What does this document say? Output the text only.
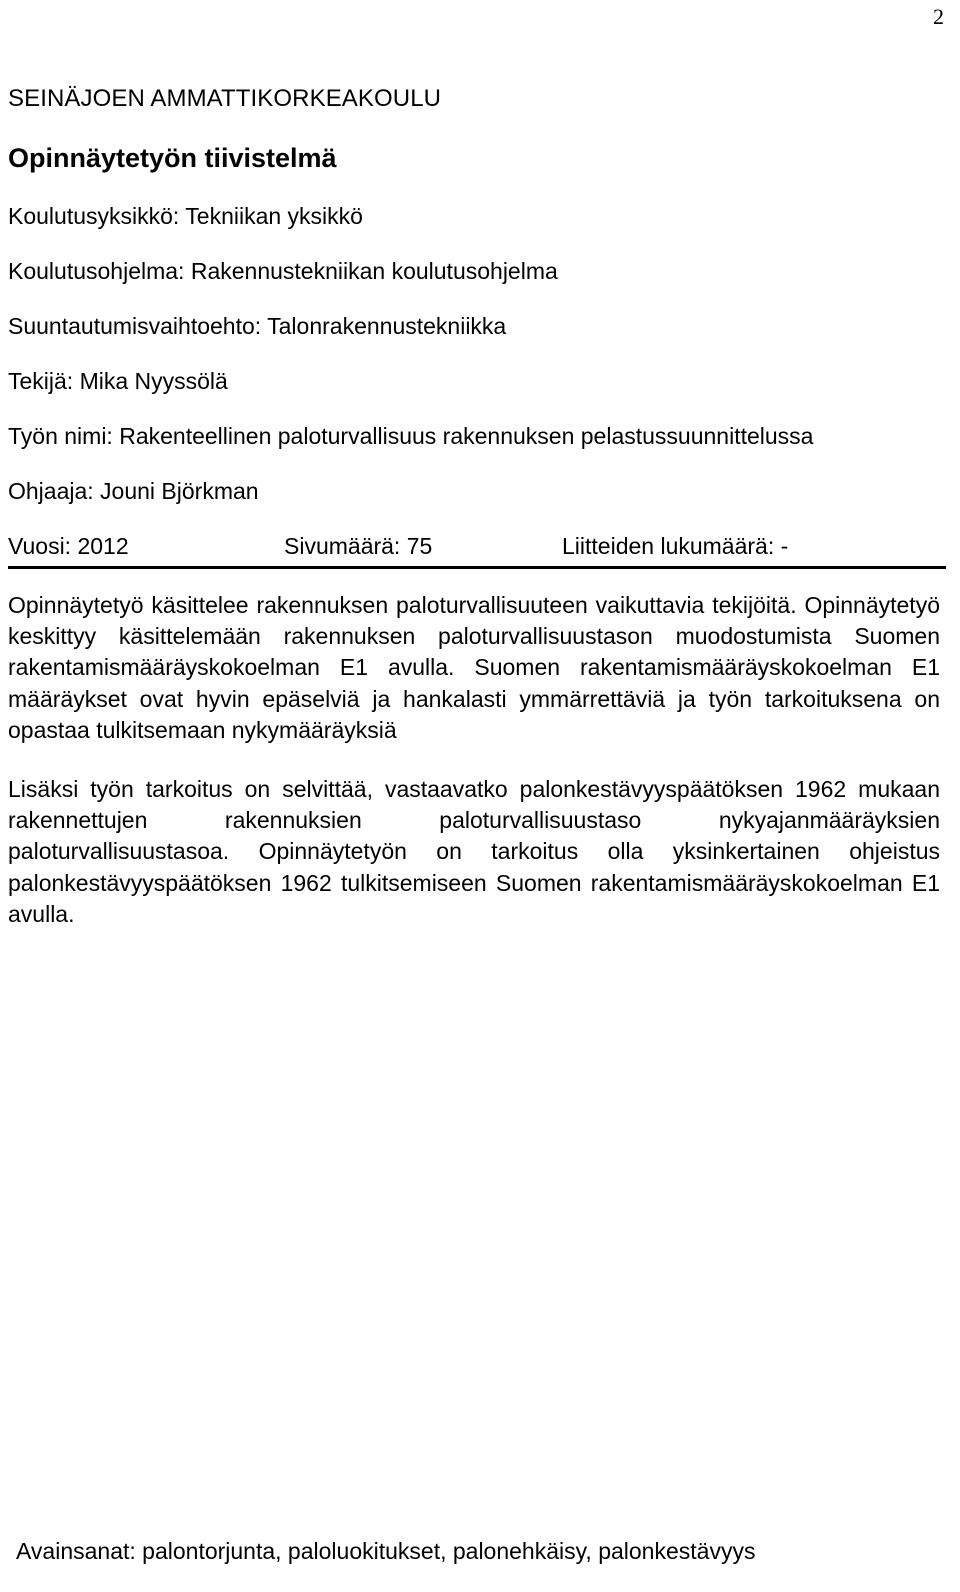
2

SEINÄJOEN AMMATTIKORKEAKOULU

Opinnäytetyön tiivistelmä

Koulutusyksikkö: Tekniikan yksikkö
Koulutusohjelma: Rakennustekniikan koulutusohjelma
Suuntautumisvaihtoehto: Talonrakennustekniikka
Tekijä: Mika Nyyssölä
Työn nimi: Rakenteellinen paloturvallisuus rakennuksen pelastussuunnittelussa
Ohjaaja: Jouni Björkman
Vuosi: 2012	Sivumäärä: 75	Liitteiden lukumäärä: -

Opinnäytetyö käsittelee rakennuksen paloturvallisuuteen vaikuttavia tekijöitä. Opinnäytetyö keskittyy käsittelemään rakennuksen paloturvallisuustason muodostumista Suomen rakentamismääräyskokoelman E1 avulla. Suomen rakentamismääräyskokoelman E1 määräykset ovat hyvin epäselviä ja hankalasti ymmärrettäviä ja työn tarkoituksena on opastaa tulkitsemaan nykymääräyksiä

Lisäksi työn tarkoitus on selvittää, vastaavatko palonkestävyyspäätöksen 1962 mukaan rakennettujen rakennuksien paloturvallisuustaso nykyajanmääräyksien paloturvallisuustasoa. Opinnäytetyön on tarkoitus olla yksinkertainen ohjeistus palonkestävyyspäätöksen 1962 tulkitsemiseen Suomen rakentamismääräyskokoelman E1 avulla.

Avainsanat: palontorjunta, paloluokitukset, palonehkäisy, palonkestävyys
